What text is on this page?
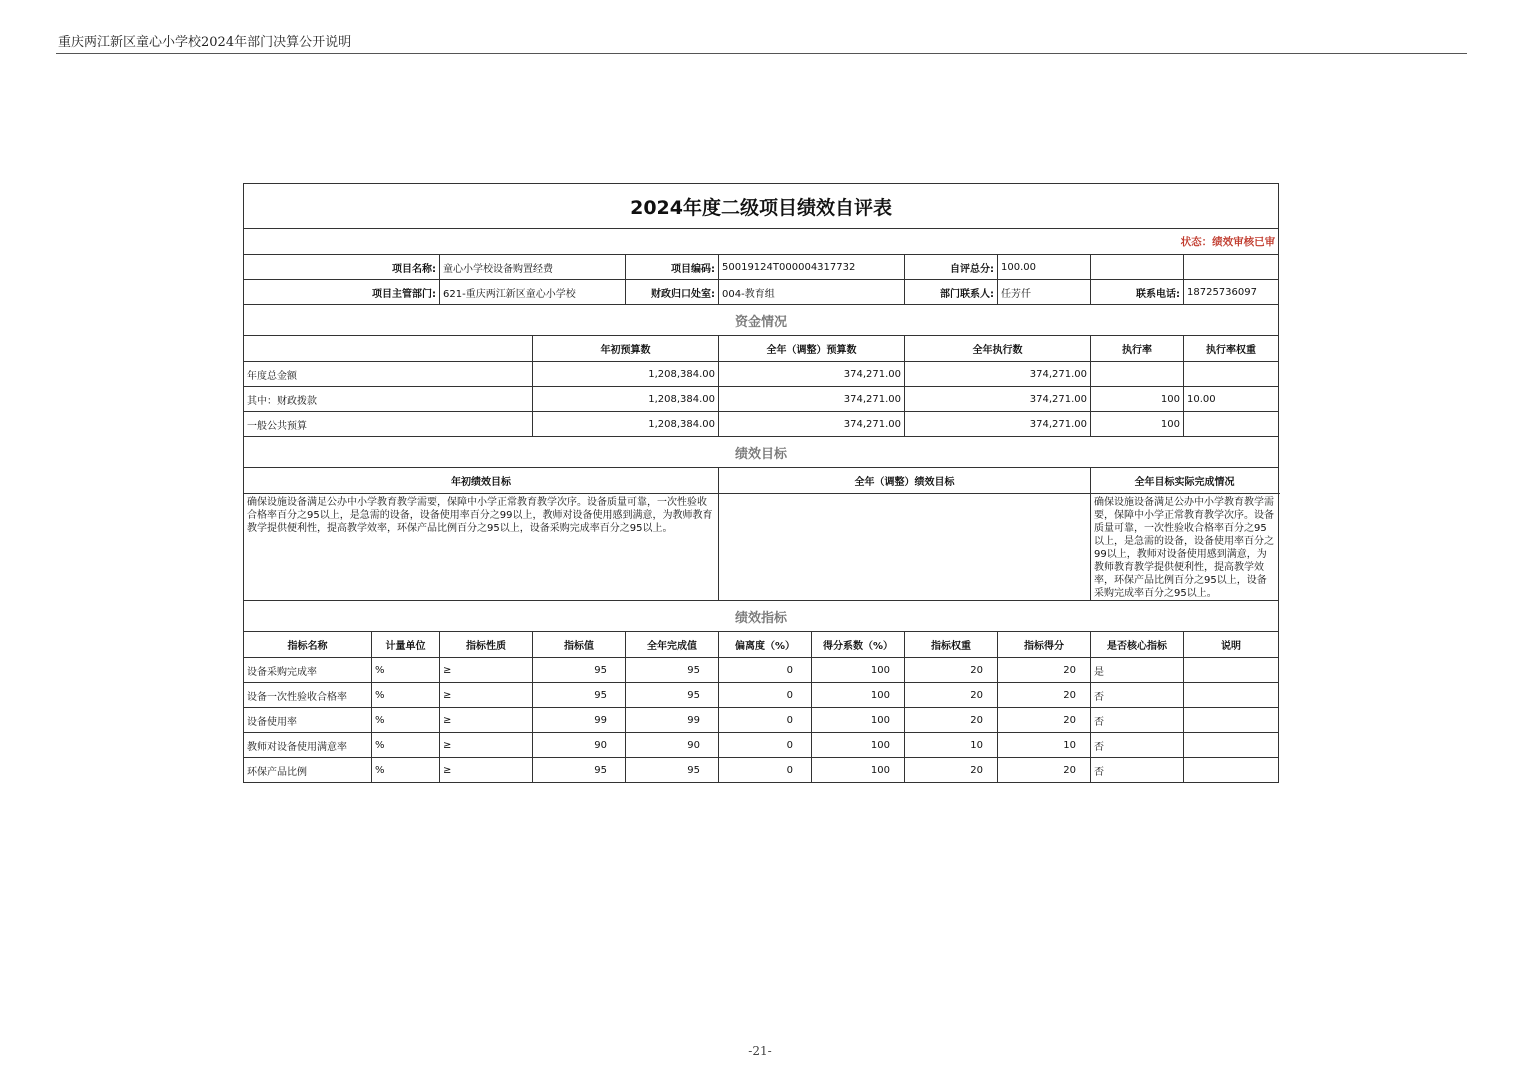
重庆两江新区童心小学校2024年部门决算公开说明
2024年度二级项目绩效自评表											
状态：绩效审核已审											
项目名称:		童心小学校设备购置经费		项目编码:	50019124T000004317732		自评总分:	100.00			
项目主管部门:		621-重庆两江新区童心小学校		财政归口处室:	004-教育组		部门联系人:	任芳仟	联系电话:	18725736097	
资金情况											
			年初预算数		全年（调整）预算数		全年执行数		执行率	执行率权重	
年度总金额			1,208,384.00		374,271.00		374,271.00				
其中：财政拨款			1,208,384.00		374,271.00		374,271.00		100	10.00	
一般公共预算			1,208,384.00		374,271.00		374,271.00		100		
绩效目标											
年初绩效目标					全年（调整）绩效目标				全年目标实际完成情况		
确保设施设备满足公办中小学教育教学需要，保障中小学正常教育教学次序。设备质量可靠，一次性验收合格率百分之95以上，是急需的设备，设备使用率百分之99以上，教师对设备使用感到满意，为教师教育教学提供便利性，提高教学效率，环保产品比例百分之95以上，设备采购完成率百分之95以上。									确保设施设备满足公办中小学教育教学需要，保障中小学正常教育教学次序。设备质量可靠，一次性验收合格率百分之95以上，是急需的设备，设备使用率百分之99以上，教师对设备使用感到满意，为教师教育教学提供便利性，提高教学效率，环保产品比例百分之95以上，设备采购完成率百分之95以上。		
绩效指标											
指标名称	计量单位	指标性质	指标值	全年完成值	偏离度（%）	得分系数（%）	指标权重	指标得分	是否核心指标	说明	
设备采购完成率	%	≥	95	95	0	100	20	20	是		
设备一次性验收合格率	%	≥	95	95	0	100	20	20	否		
设备使用率	%	≥	99	99	0	100	20	20	否		
教师对设备使用满意率	%	≥	90	90	0	100	10	10	否		
环保产品比例	%	≥	95	95	0	100	20	20	否		
-21-
